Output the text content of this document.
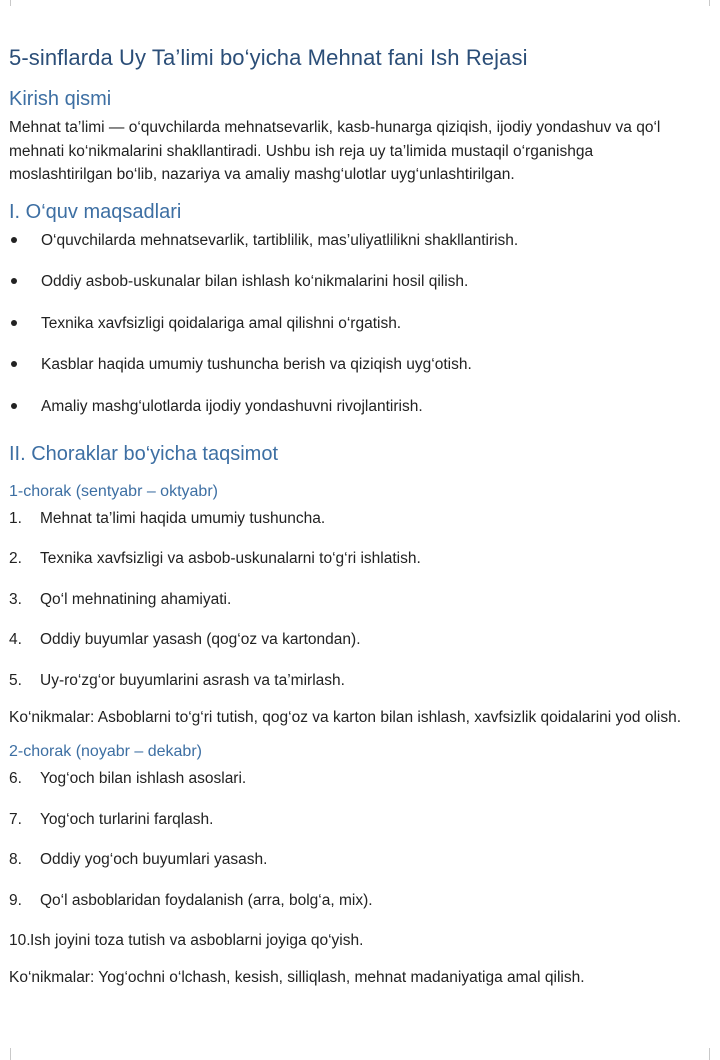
5-sinflarda Uy Ta’limi bo‘yicha Mehnat fani Ish Rejasi
Kirish qismi

Mehnat ta’limi — o‘quvchilarda mehnatsevarlik, kasb-hunarga qiziqish, ijodiy yondashuv va qo‘l mehnati ko‘nikmalarini shakllantiradi. Ushbu ish reja uy ta’limida mustaqil o‘rganishga moslashtirilgan bo‘lib, nazariya va amaliy mashg‘ulotlar uyg‘unlashtirilgan.

I. O‘quv maqsadlari
O‘quvchilarda mehnatsevarlik, tartiblilik, mas’uliyatlilikni shakllantirish.
Oddiy asbob-uskunalar bilan ishlash ko‘nikmalarini hosil qilish.
Texnika xavfsizligi qoidalariga amal qilishni o‘rgatish.
Kasblar haqida umumiy tushuncha berish va qiziqish uyg‘otish.
Amaliy mashg‘ulotlarda ijodiy yondashuvni rivojlantirish.
II. Choraklar bo‘yicha taqsimot
1-chorak (sentyabr – oktyabr)
1. Mehnat ta’limi haqida umumiy tushuncha.
2. Texnika xavfsizligi va asbob-uskunalarni to‘g‘ri ishlatish.
3. Qo‘l mehnatining ahamiyati.
4. Oddiy buyumlar yasash (qog‘oz va kartondan).
5. Uy-ro‘zg‘or buyumlarini asrash va ta’mirlash.

Ko‘nikmalar: Asboblarni to‘g‘ri tutish, qog‘oz va karton bilan ishlash, xavfsizlik qoidalarini yod olish.

2-chorak (noyabr – dekabr)
6. Yog‘och bilan ishlash asoslari.
7. Yog‘och turlarini farqlash.
8. Oddiy yog‘och buyumlari yasash.
9. Qo‘l asboblaridan foydalanish (arra, bolg‘a, mix).
10. Ish joyini toza tutish va asboblarni joyiga qo‘yish.

Ko‘nikmalar: Yog‘ochni o‘lchash, kesish, silliqlash, mehnat madaniyatiga amal qilish.
